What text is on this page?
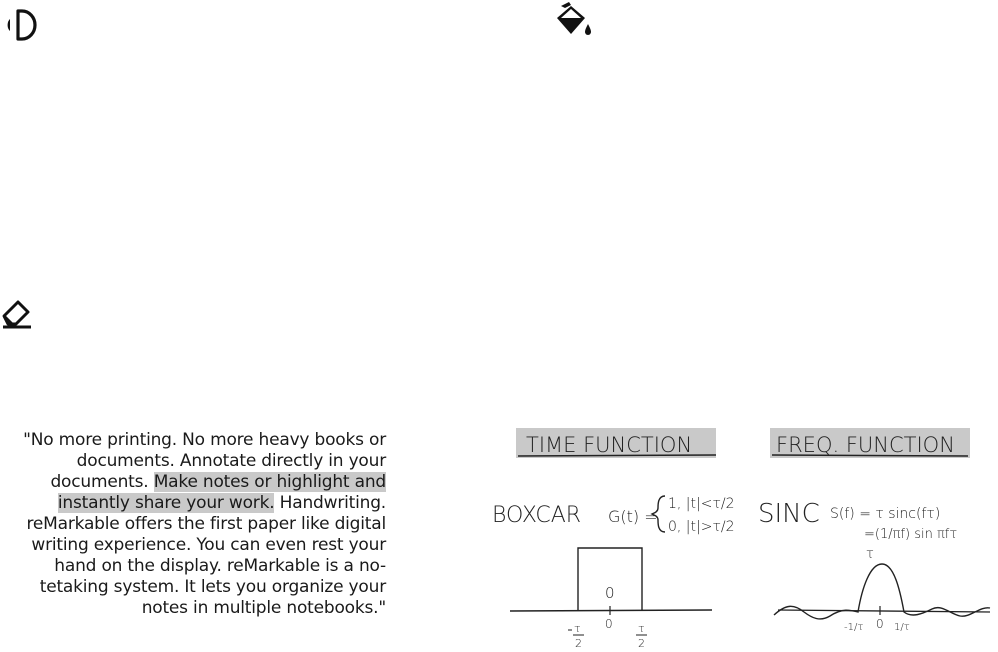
"No more printing. No more heavy books or documents. Annotate directly in your documents. Make notes or highlight and instantly share your work. Handwriting. reMarkable offers the first paper like digital writing experience. You can even rest your hand on the display. reMarkable is a no-tetaking system. It lets you organize your notes in multiple notebooks."
TIME FUNCTION	FREQ. FUNCTION
BOXCAR G(t) =
1, |t|<τ/2
0, |t|>τ/2 SINC S(f) = τ sinc(fτ)
=(1/πf) sin πfτ
0
0
τ
2
τ
2
τ
0
-1/τ	1/τ
